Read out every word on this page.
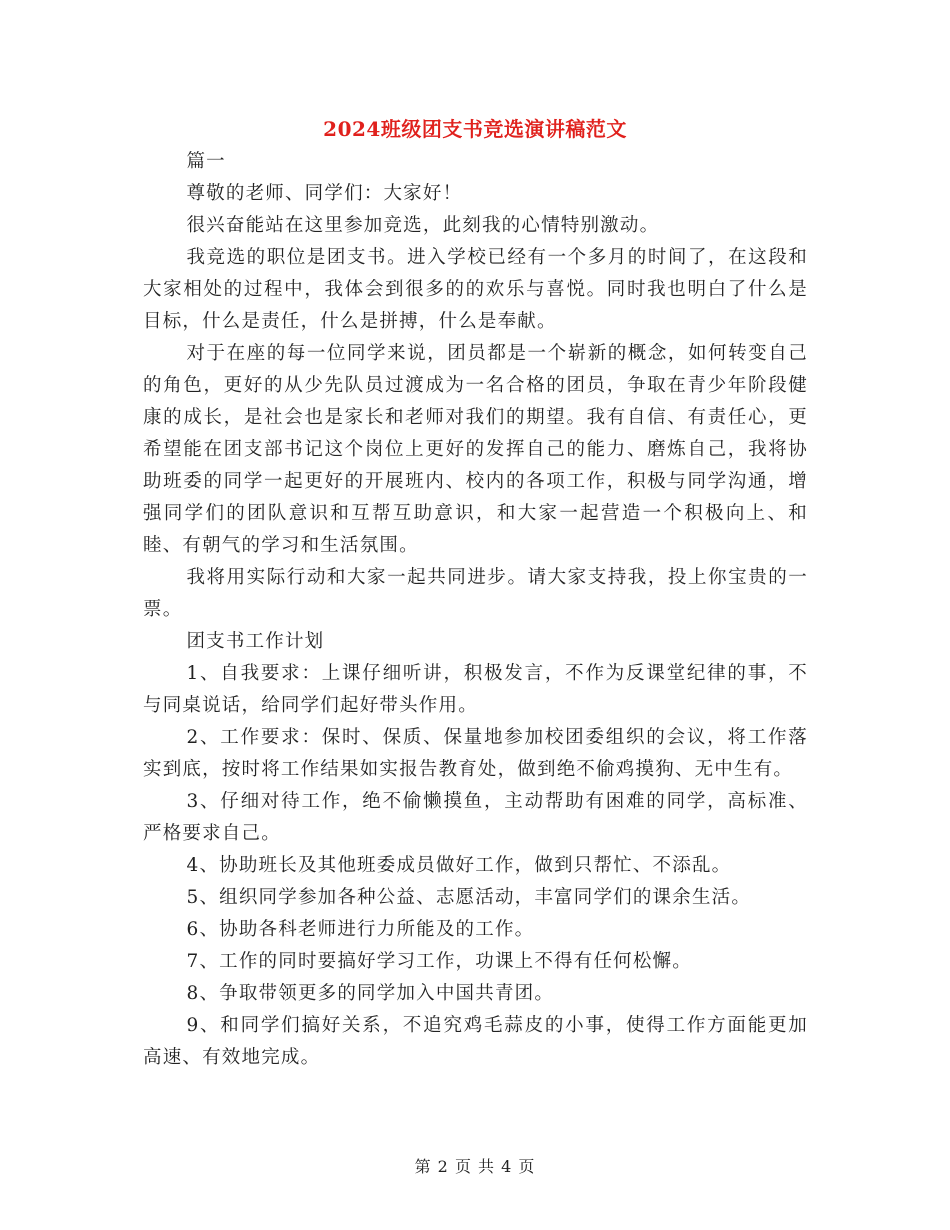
2024班级团支书竞选演讲稿范文

篇一

尊敬的老师、同学们：大家好！

很兴奋能站在这里参加竞选，此刻我的心情特别激动。

我竞选的职位是团支书。进入学校已经有一个多月的时间了，在这段和大家相处的过程中，我体会到很多的的欢乐与喜悦。同时我也明白了什么是目标，什么是责任，什么是拼搏，什么是奉献。

对于在座的每一位同学来说，团员都是一个崭新的概念，如何转变自己的角色，更好的从少先队员过渡成为一名合格的团员，争取在青少年阶段健康的成长，是社会也是家长和老师对我们的期望。我有自信、有责任心，更希望能在团支部书记这个岗位上更好的发挥自己的能力、磨炼自己，我将协助班委的同学一起更好的开展班内、校内的各项工作，积极与同学沟通，增强同学们的团队意识和互帮互助意识，和大家一起营造一个积极向上、和睦、有朝气的学习和生活氛围。

我将用实际行动和大家一起共同进步。请大家支持我，投上你宝贵的一票。

团支书工作计划

1、自我要求：上课仔细听讲，积极发言，不作为反课堂纪律的事，不与同桌说话，给同学们起好带头作用。

2、工作要求：保时、保质、保量地参加校团委组织的会议，将工作落实到底，按时将工作结果如实报告教育处，做到绝不偷鸡摸狗、无中生有。

3、仔细对待工作，绝不偷懒摸鱼，主动帮助有困难的同学，高标准、严格要求自己。

4、协助班长及其他班委成员做好工作，做到只帮忙、不添乱。

5、组织同学参加各种公益、志愿活动，丰富同学们的课余生活。

6、协助各科老师进行力所能及的工作。

7、工作的同时要搞好学习工作，功课上不得有任何松懈。

8、争取带领更多的同学加入中国共青团。

9、和同学们搞好关系，不追究鸡毛蒜皮的小事，使得工作方面能更加高速、有效地完成。

第 2 页 共 4 页
